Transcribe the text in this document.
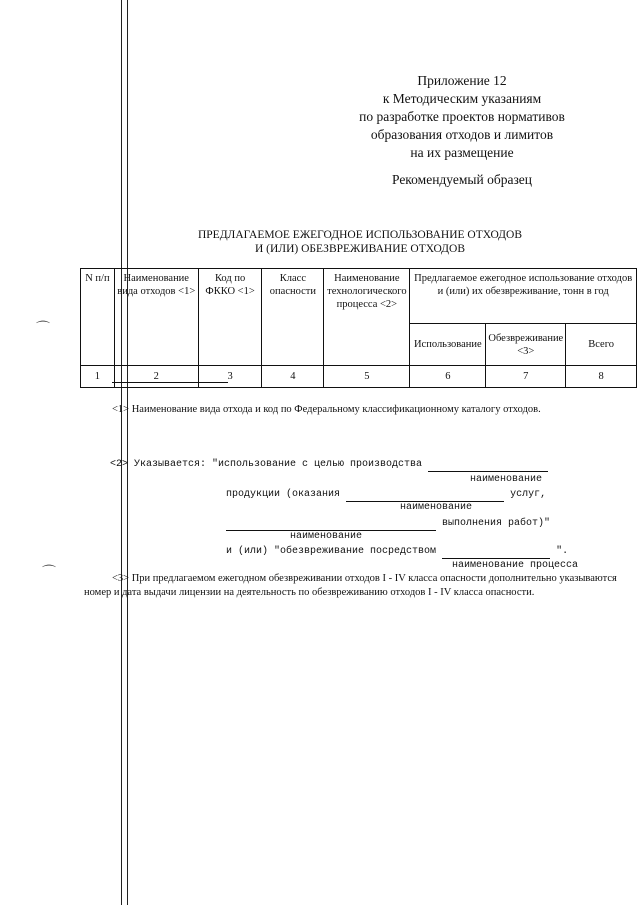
⌒
⌒
Приложение 12
к Методическим указаниям
по разработке проектов нормативов
образования отходов и лимитов
на их размещение
Рекомендуемый образец
ПРЕДЛАГАЕМОЕ ЕЖЕГОДНОЕ ИСПОЛЬЗОВАНИЕ ОТХОДОВ
И (ИЛИ) ОБЕЗВРЕЖИВАНИЕ ОТХОДОВ
N п/п	Наименование вида отходов <1>	Код по ФККО <1>	Класс опасности	Наименование технологического процесса <2>	Предлагаемое ежегодное использование отходов и (или) их обезвреживание, тонн в год		
					Использование	Обезвреживание <3>	Всего
1	2	3	4	5	6	7	8
<1> Наименование вида отхода и код по Федеральному классификационному каталогу отходов.
<2> Указывается: "использование с целью производства
наименование
продукции (оказания	услуг,
наименование
выполнения работ)"
наименование
и (или) "обезвреживание посредством	".
наименование процесса
<3> При предлагаемом ежегодном обезвреживании отходов I - IV класса опасности дополнительно указываются номер и дата выдачи лицензии на деятельность по обезвреживанию отходов I - IV класса опасности.
